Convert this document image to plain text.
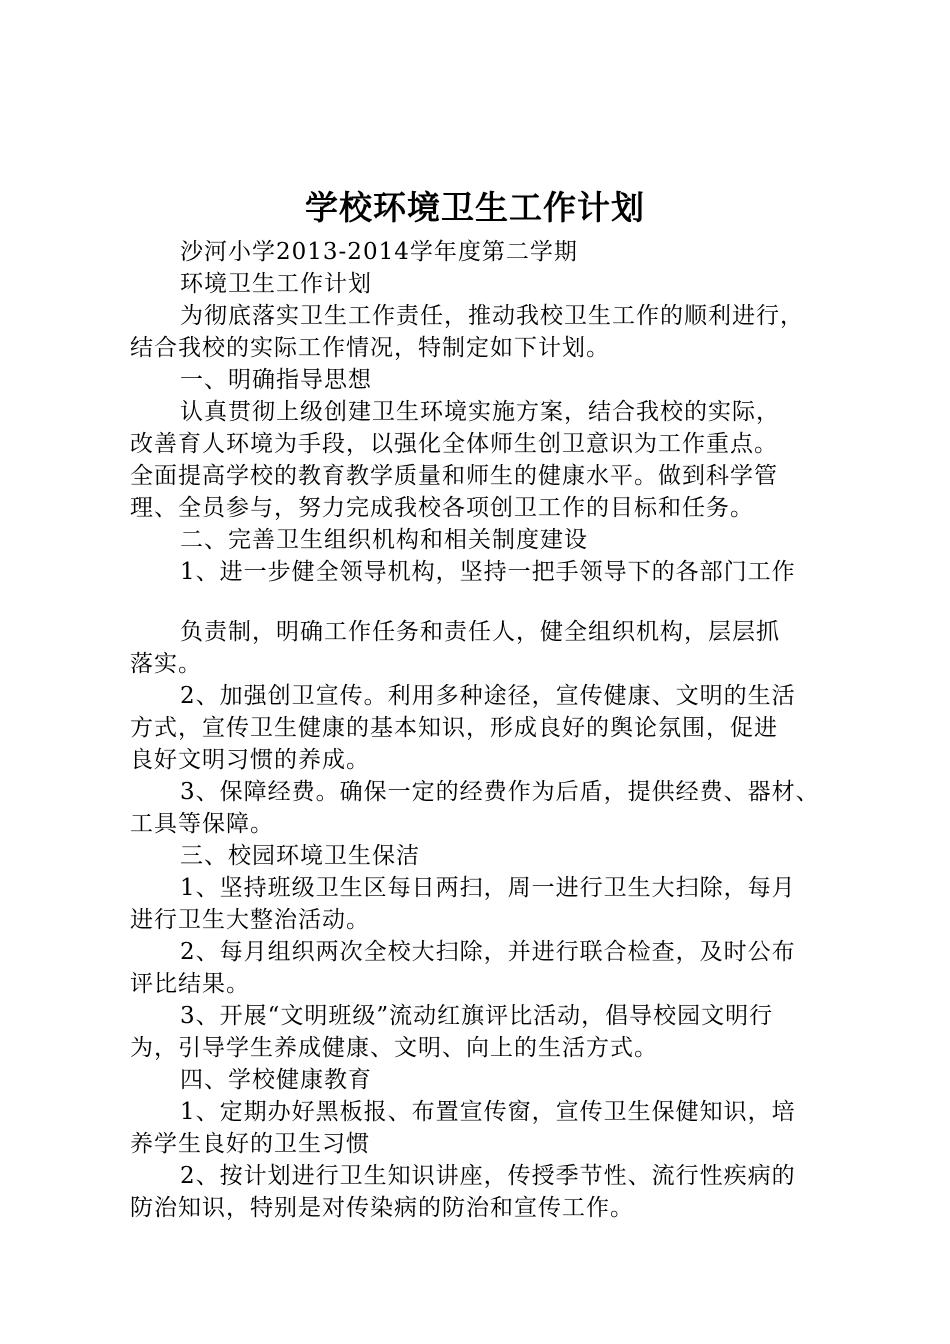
学校环境卫生工作计划
沙河小学2013-2014学年度第二学期
环境卫生工作计划
为彻底落实卫生工作责任，推动我校卫生工作的顺利进行，
结合我校的实际工作情况，特制定如下计划。
一、明确指导思想
认真贯彻上级创建卫生环境实施方案，结合我校的实际，
改善育人环境为手段，以强化全体师生创卫意识为工作重点。
全面提高学校的教育教学质量和师生的健康水平。做到科学管
理、全员参与，努力完成我校各项创卫工作的目标和任务。
二、完善卫生组织机构和相关制度建设
1、进一步健全领导机构，坚持一把手领导下的各部门工作
负责制，明确工作任务和责任人，健全组织机构，层层抓
落实。
2、加强创卫宣传。利用多种途径，宣传健康、文明的生活
方式，宣传卫生健康的基本知识，形成良好的舆论氛围，促进
良好文明习惯的养成。
3、保障经费。确保一定的经费作为后盾，提供经费、器材、
工具等保障。
三、校园环境卫生保洁
1、坚持班级卫生区每日两扫，周一进行卫生大扫除，每月
进行卫生大整治活动。
2、每月组织两次全校大扫除，并进行联合检查，及时公布
评比结果。
3、开展“文明班级”流动红旗评比活动，倡导校园文明行
为，引导学生养成健康、文明、向上的生活方式。
四、学校健康教育
1、定期办好黑板报、布置宣传窗，宣传卫生保健知识，培
养学生良好的卫生习惯
2、按计划进行卫生知识讲座，传授季节性、流行性疾病的
防治知识，特别是对传染病的防治和宣传工作。
